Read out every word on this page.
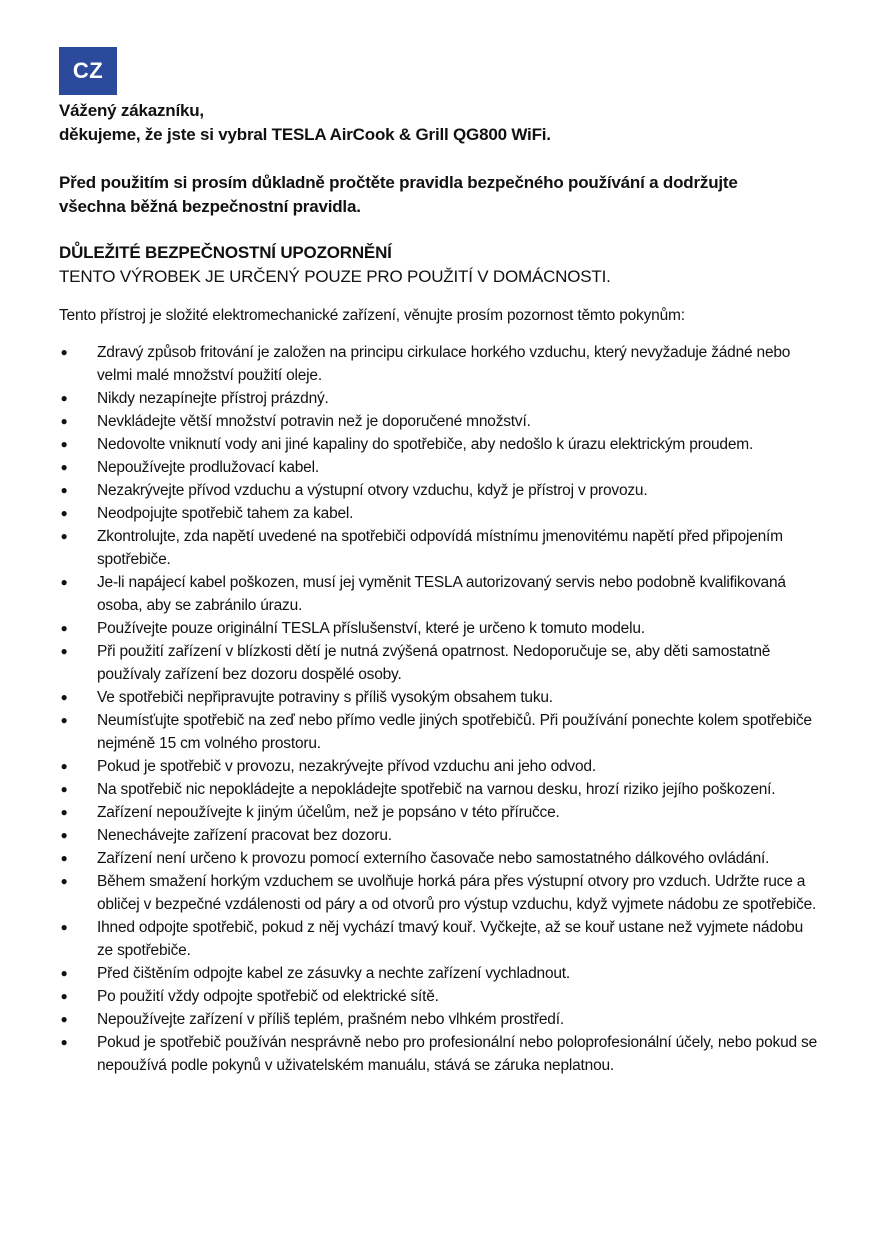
CZ
Vážený zákazníku,
děkujeme, že jste si vybral TESLA AirCook & Grill QG800 WiFi.
Před použitím si prosím důkladně pročtěte pravidla bezpečného používání a dodržujte
všechna běžná bezpečnostní pravidla.
DŮLEŽITÉ BEZPEČNOSTNÍ UPOZORNĚNÍ
TENTO VÝROBEK JE URČENÝ POUZE PRO POUŽITÍ V DOMÁCNOSTI.
Tento přístroj je složité elektromechanické zařízení, věnujte prosím pozornost těmto pokynům:
● Zdravý způsob fritování je založen na principu cirkulace horkého vzduchu, který nevyžaduje žádné nebo velmi malé množství použití oleje.
● Nikdy nezapínejte přístroj prázdný.
● Nevkládejte větší množství potravin než je doporučené množství.
● Nedovolte vniknutí vody ani jiné kapaliny do spotřebiče, aby nedošlo k úrazu elektrickým proudem.
● Nepoužívejte prodlužovací kabel.
● Nezakrývejte přívod vzduchu a výstupní otvory vzduchu, když je přístroj v provozu.
● Neodpojujte spotřebič tahem za kabel.
● Zkontrolujte, zda napětí uvedené na spotřebiči odpovídá místnímu jmenovitému napětí před připojením spotřebiče.
● Je-li napájecí kabel poškozen, musí jej vyměnit TESLA autorizovaný servis nebo podobně kvalifikovaná osoba, aby se zabránilo úrazu.
● Používejte pouze originální TESLA příslušenství, které je určeno k tomuto modelu.
● Při použití zařízení v blízkosti dětí je nutná zvýšená opatrnost. Nedoporučuje se, aby děti samostatně používaly zařízení bez dozoru dospělé osoby.
● Ve spotřebiči nepřipravujte potraviny s příliš vysokým obsahem tuku.
● Neumísťujte spotřebič na zeď nebo přímo vedle jiných spotřebičů. Při používání ponechte kolem spotřebiče nejméně 15 cm volného prostoru.
● Pokud je spotřebič v provozu, nezakrývejte přívod vzduchu ani jeho odvod.
● Na spotřebič nic nepokládejte a nepokládejte spotřebič na varnou desku, hrozí riziko jejího poškození.
● Zařízení nepoužívejte k jiným účelům, než je popsáno v této příručce.
● Nenechávejte zařízení pracovat bez dozoru.
● Zařízení není určeno k provozu pomocí externího časovače nebo samostatného dálkového ovládání.
● Během smažení horkým vzduchem se uvolňuje horká pára přes výstupní otvory pro vzduch. Udržte ruce a obličej v bezpečné vzdálenosti od páry a od otvorů pro výstup vzduchu, když vyjmete nádobu ze spotřebiče.
● Ihned odpojte spotřebič, pokud z něj vychází tmavý kouř. Vyčkejte, až se kouř ustane než vyjmete nádobu ze spotřebiče.
● Před čištěním odpojte kabel ze zásuvky a nechte zařízení vychladnout.
● Po použití vždy odpojte spotřebič od elektrické sítě.
● Nepoužívejte zařízení v příliš teplém, prašném nebo vlhkém prostředí.
● Pokud je spotřebič používán nesprávně nebo pro profesionální nebo poloprofesionální účely, nebo pokud se nepoužívá podle pokynů v uživatelském manuálu, stává se záruka neplatnou.
